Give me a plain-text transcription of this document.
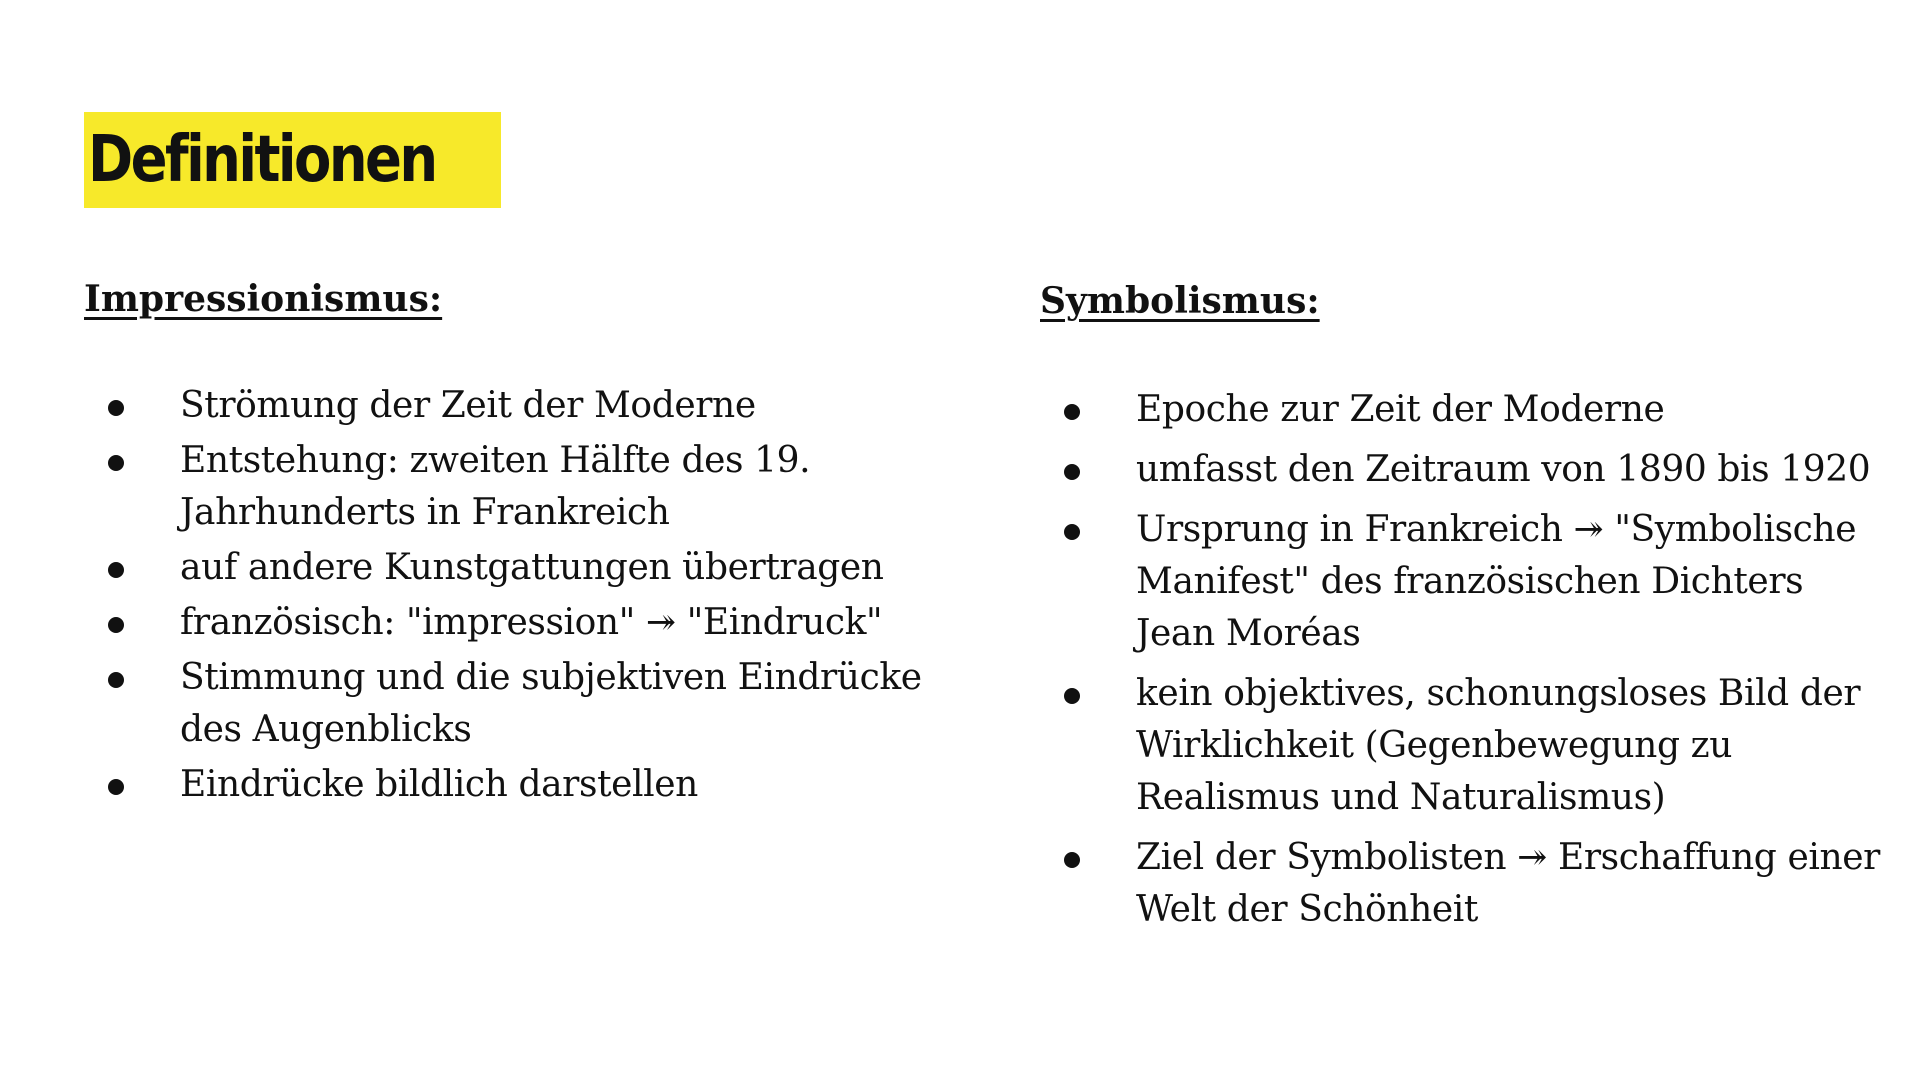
Definitionen
Impressionismus:
Strömung der Zeit der Moderne
Entstehung: zweiten Hälfte des 19. Jahrhunderts in Frankreich
auf andere Kunstgattungen übertragen
französisch: "impression" ↠ "Eindruck"
Stimmung und die subjektiven Eindrücke des Augenblicks
Eindrücke bildlich darstellen
Symbolismus:
Epoche zur Zeit der Moderne
umfasst den Zeitraum von 1890 bis 1920
Ursprung in Frankreich ↠ "Symbolische Manifest" des französischen Dichters Jean Moréas
kein objektives, schonungsloses Bild der Wirklichkeit (Gegenbewegung zu Realismus und Naturalismus)
Ziel der Symbolisten ↠ Erschaffung einer Welt der Schönheit
